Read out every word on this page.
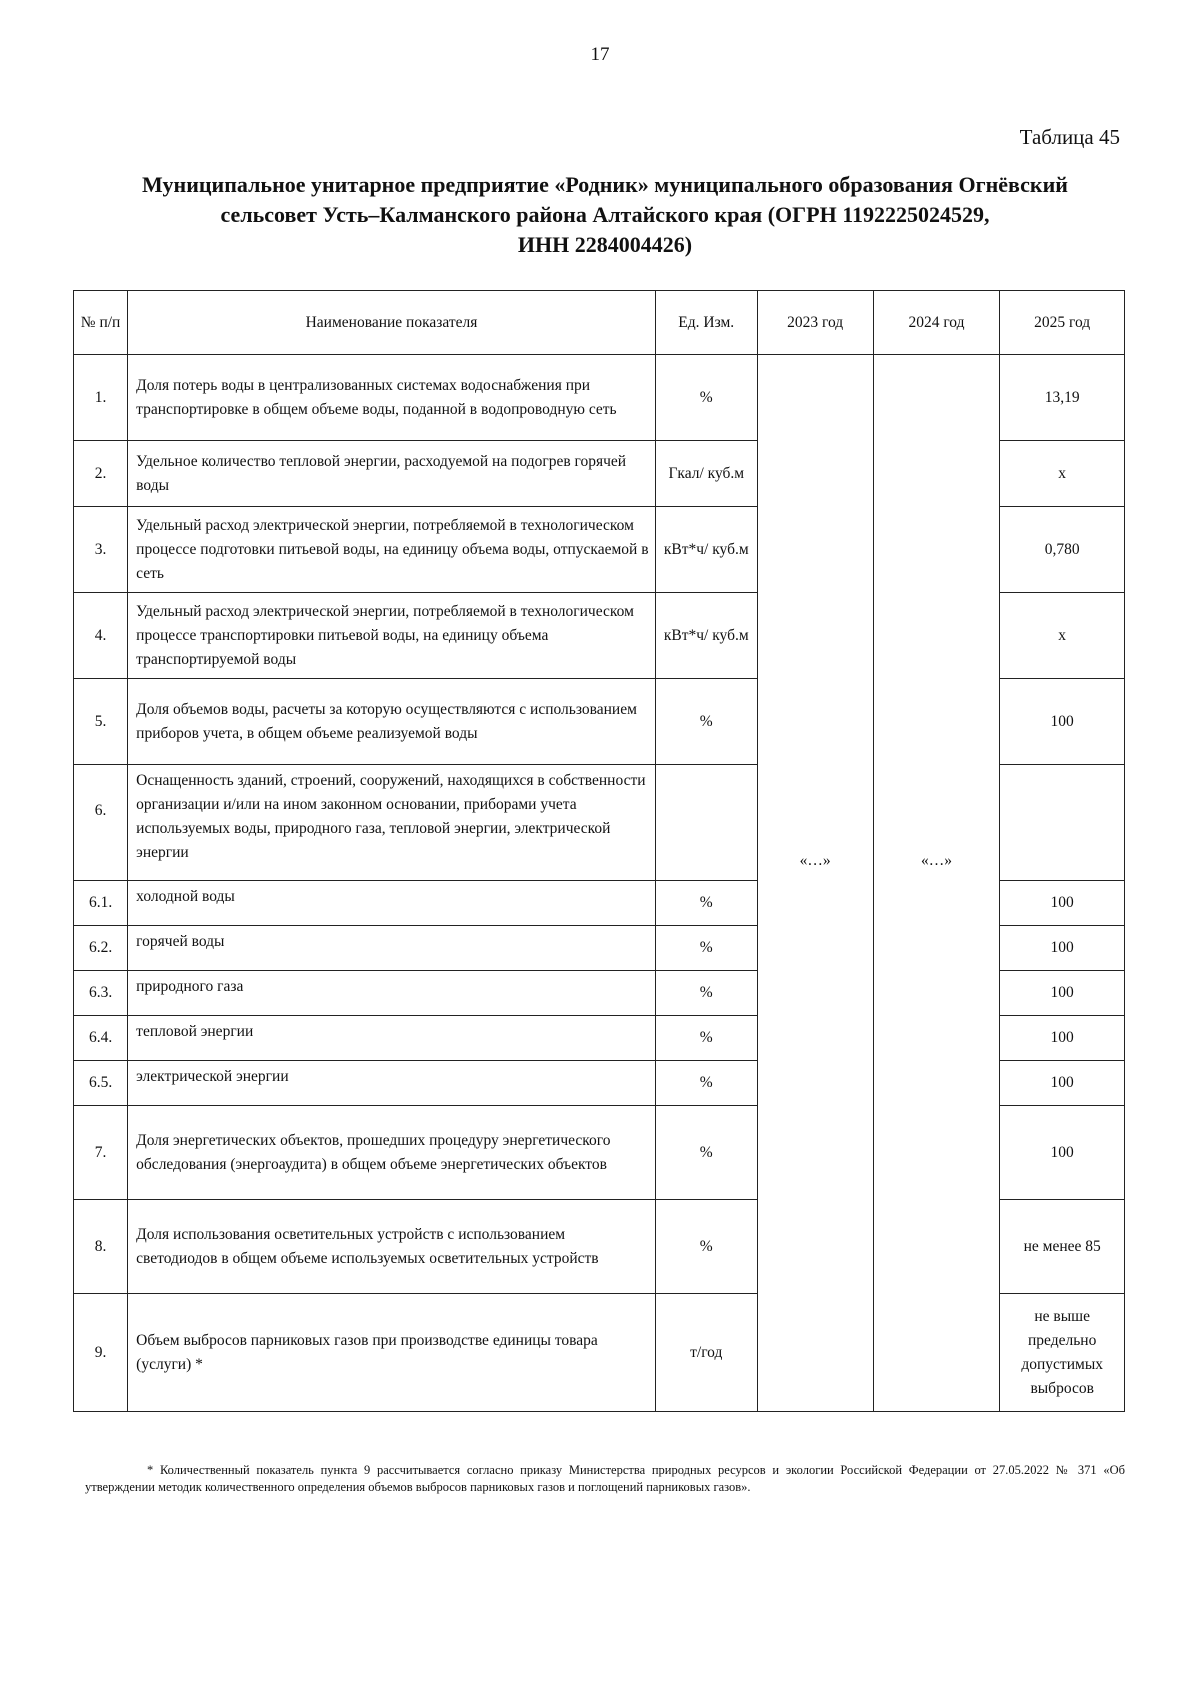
17
Таблица 45
Муниципальное унитарное предприятие «Родник» муниципального образования Огнёвский
сельсовет Усть–Калманского района Алтайского края (ОГРН 1192225024529,
ИНН 2284004426)
№ п/п	Наименование показателя	Ед. Изм.	2023 год	2024 год	2025 год
1.	Доля потерь воды в централизованных системах водоснабжения при транспортировке в общем объеме воды, поданной в водопроводную сеть	%	«…»	«…»	13,19
2.	Удельное количество тепловой энергии, расходуемой на подогрев горячей воды	Гкал/ куб.м			х
3.	Удельный расход электрической энергии, потребляемой в технологическом процессе подготовки питьевой воды, на единицу объема воды, отпускаемой в сеть	кВт*ч/ куб.м			0,780
4.	Удельный расход электрической энергии, потребляемой в технологическом процессе транспортировки питьевой воды, на единицу объема транспортируемой воды	кВт*ч/ куб.м			х
5.	Доля объемов воды, расчеты за которую осуществляются с использованием приборов учета, в общем объеме реализуемой воды	%			100
6.	Оснащенность зданий, строений, сооружений, находящихся в собственности организации и/или на ином законном основании, приборами учета используемых воды, природного газа, тепловой энергии, электрической энергии				
6.1.	холодной воды	%			100
6.2.	горячей воды	%			100
6.3.	природного газа	%			100
6.4.	тепловой энергии	%			100
6.5.	электрической энергии	%			100
7.	Доля энергетических объектов, прошедших процедуру энергетического обследования (энергоаудита) в общем объеме энергетических объектов	%			100
8.	Доля использования осветительных устройств с использованием светодиодов в общем объеме используемых осветительных устройств	%			не менее 85
9.	Объем выбросов парниковых газов при производстве единицы товара (услуги) *	т/год			не выше предельно допустимых выбросов
* Количественный показатель пункта 9 рассчитывается согласно приказу Министерства природных ресурсов и экологии Российской Федерации от 27.05.2022 № 371 «Об утверждении методик количественного определения объемов выбросов парниковых газов и поглощений парниковых газов».
